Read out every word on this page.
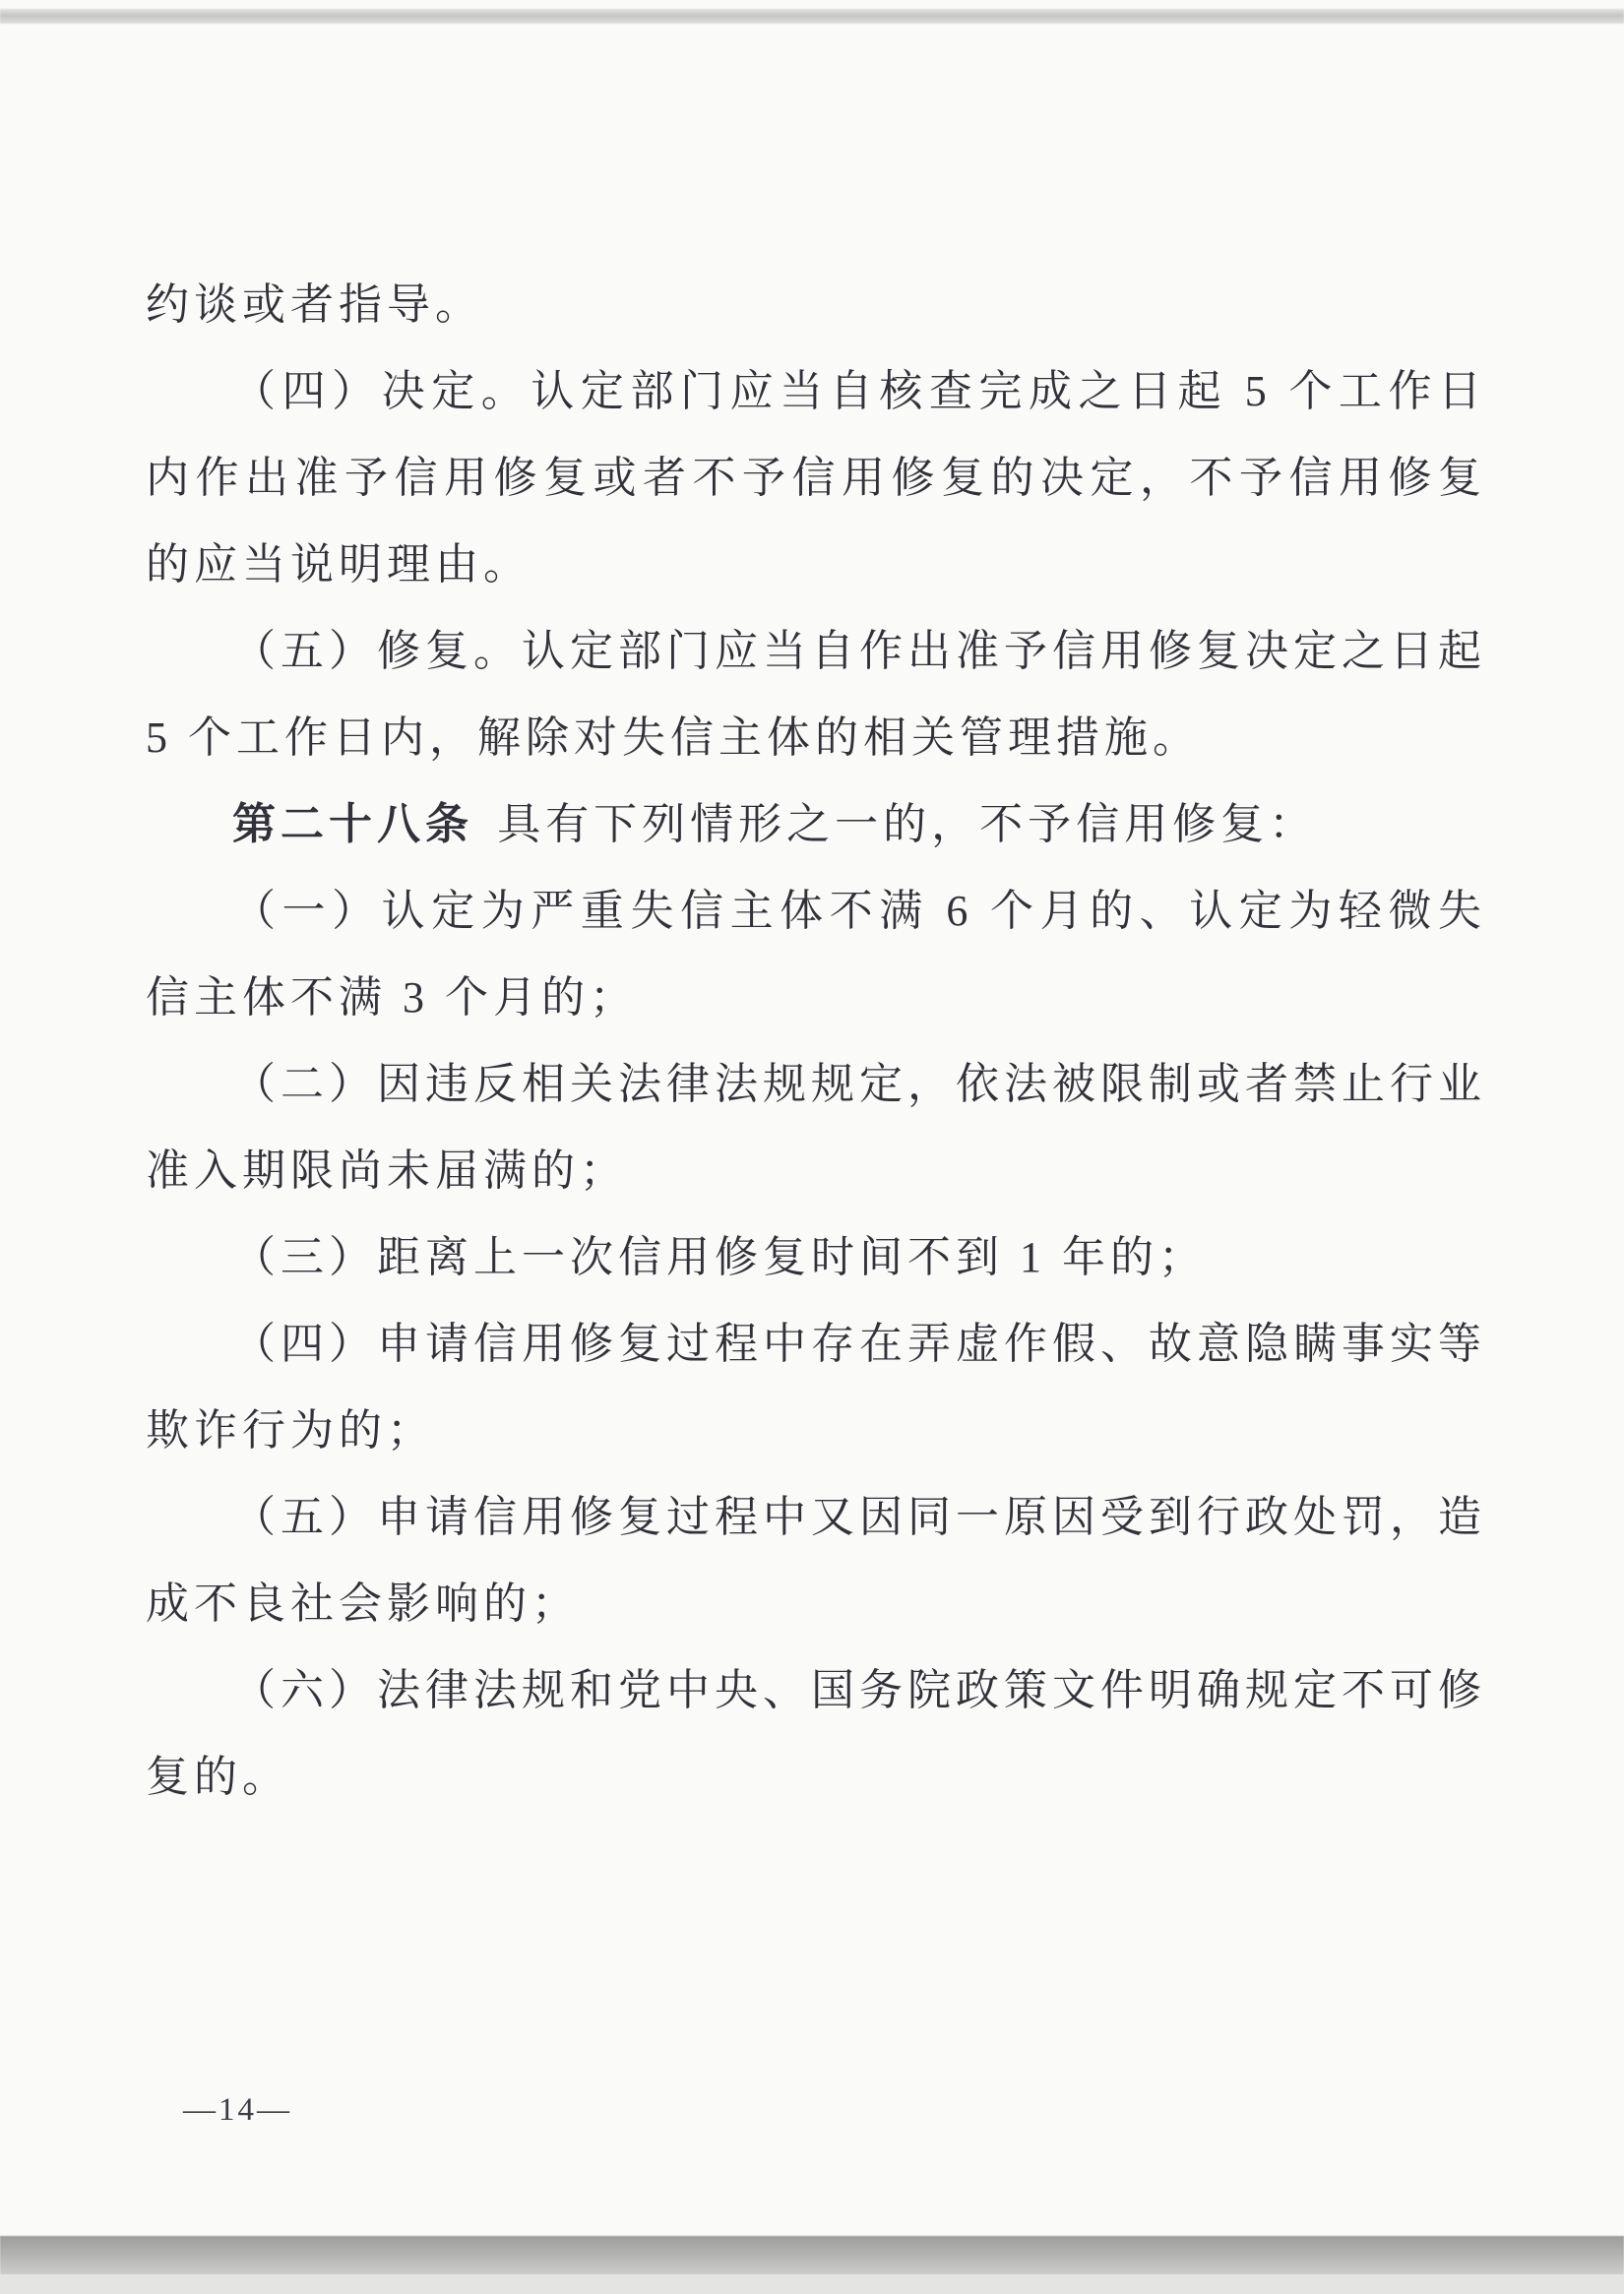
约谈或者指导。

（四）决定。认定部门应当自核查完成之日起 5 个工作日内作出准予信用修复或者不予信用修复的决定，不予信用修复的应当说明理由。

（五）修复。认定部门应当自作出准予信用修复决定之日起 5 个工作日内，解除对失信主体的相关管理措施。

第二十八条 具有下列情形之一的，不予信用修复：

（一）认定为严重失信主体不满 6 个月的、认定为轻微失信主体不满 3 个月的；

（二）因违反相关法律法规规定，依法被限制或者禁止行业准入期限尚未届满的；

（三）距离上一次信用修复时间不到 1 年的；

（四）申请信用修复过程中存在弄虚作假、故意隐瞒事实等欺诈行为的；

（五）申请信用修复过程中又因同一原因受到行政处罚，造成不良社会影响的；

（六）法律法规和党中央、国务院政策文件明确规定不可修复的。

—14—
